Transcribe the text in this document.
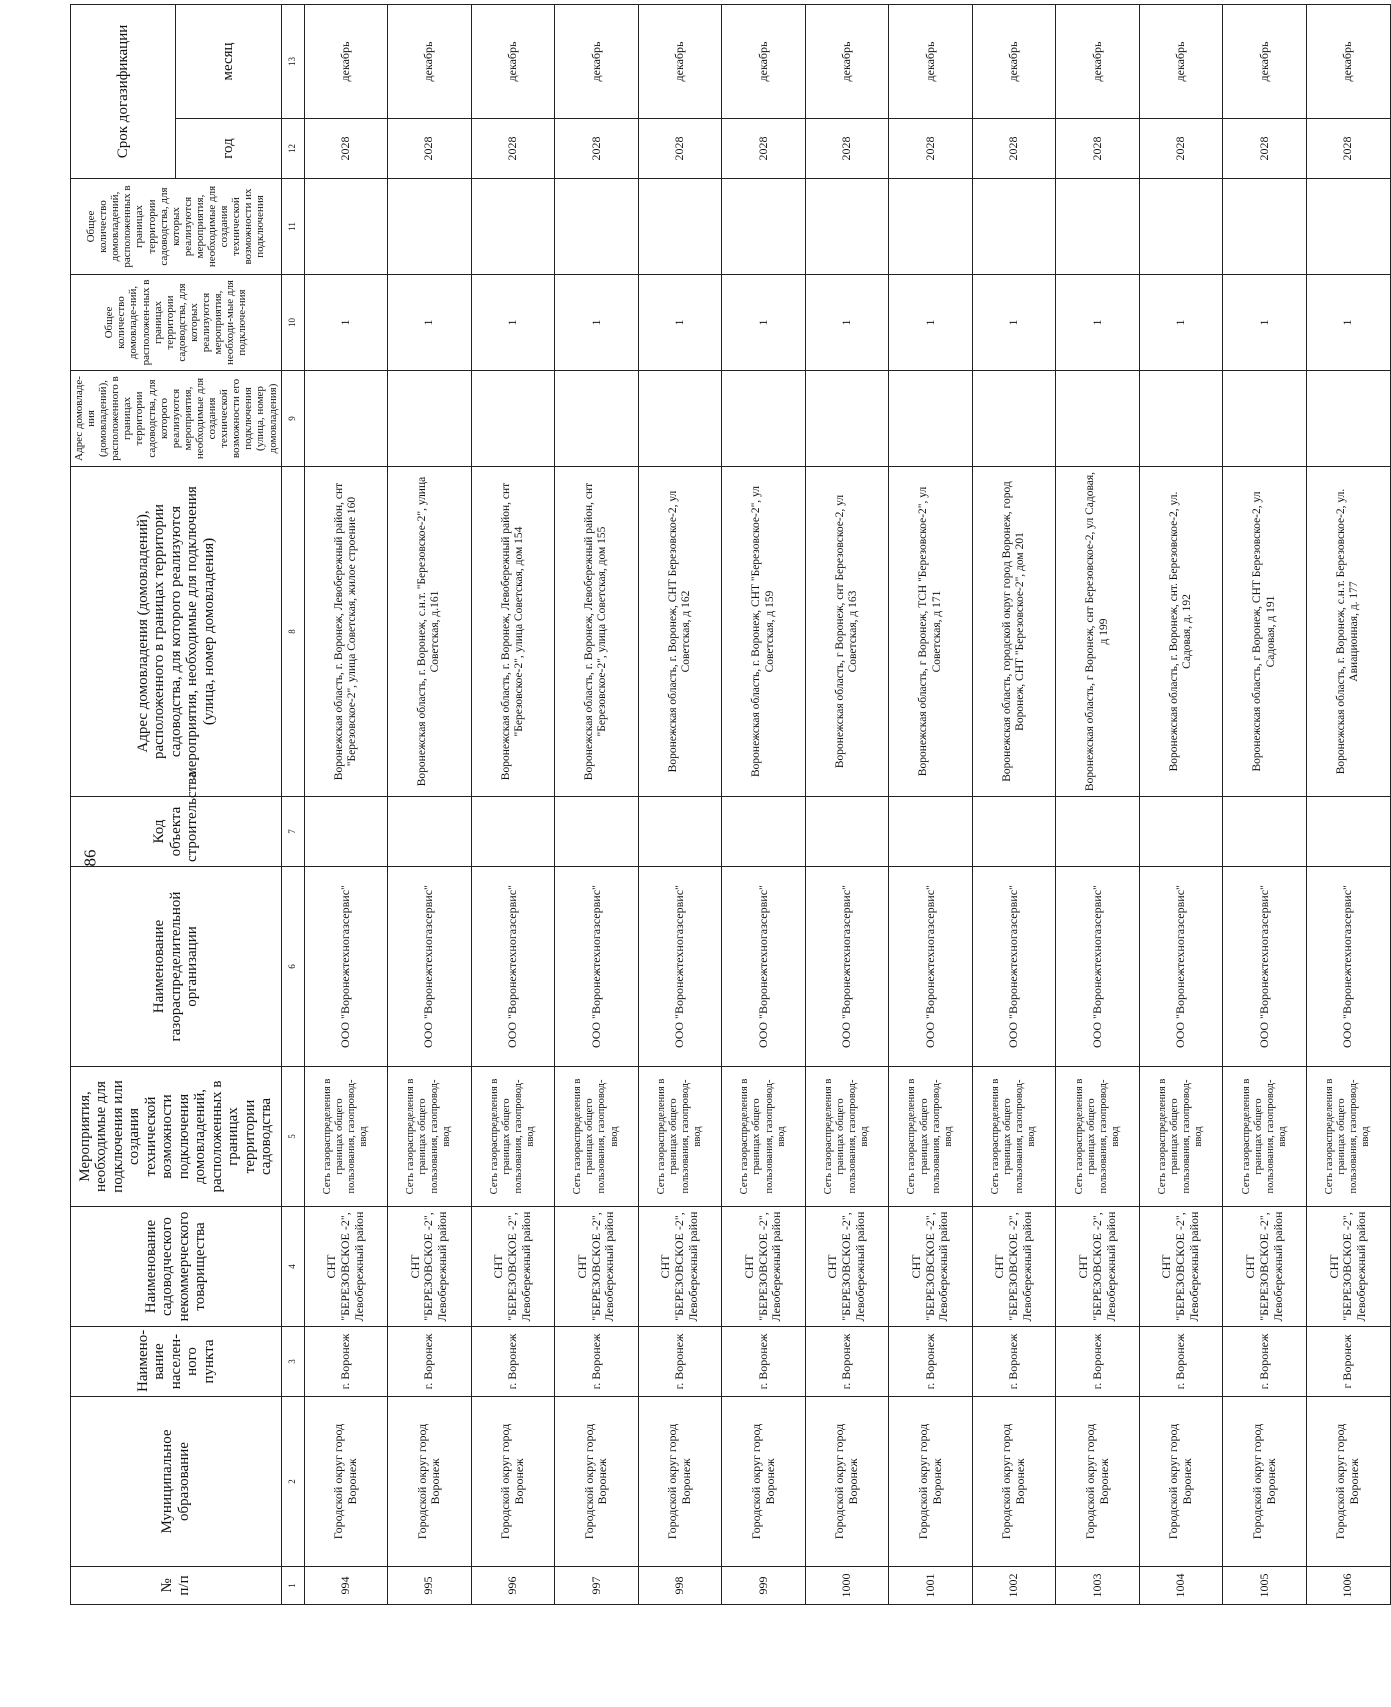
86
№ п/п	Муниципальное образование	Наимено-вание населен-ного пункта	Наименование садоводческого некоммерческого товарищества	Мероприятия, необходимые для подключения или создания технической возможности подключения домовладений, расположенных в границах территории садоводства	Наименование газораспределительной организации	Код объекта строительства	Адрес домовладения (домовладений), расположенного в границах территории садоводства, для которого реализуются мероприятия, необходимые для подключения (улица, номер домовладения)	Адрес домовладе-ния (домовладений), расположенного в границах территории садоводства, для которого реализуются мероприятия, необходимые для создания технической возможности его подключения (улица, номер домовладения)	Общее количество домовладе-ний, расположен-ных в границах территории садоводства, для которых реализуются мероприятия, необходи-мые для подключе-ния	Общее количество домовладений, расположенных в границах территории садоводства, для которых реализуются мероприятия, необходимые для создания технической возможности их подключения	Срок догазификации	
											год	месяц
1	2	3	4	5	6	7	8	9	10	11	12	13
994	Городской округ город Воронеж	г. Воронеж	СНТ "БЕРЕЗОВСКОЕ -2", Левобережный район	Сеть газораспределения в границах общего пользования, газопровод-ввод	ООО "Воронежтехногазсервис"		Воронежская область, г. Воронеж, Левобережный район, снт "Березовское-2", улица Советская, жилое строение 160		1		2028	декабрь
995	Городской округ город Воронеж	г. Воронеж	СНТ "БЕРЕЗОВСКОЕ -2", Левобережный район	Сеть газораспределения в границах общего пользования, газопровод-ввод	ООО "Воронежтехногазсервис"		Воронежская область, г. Воронеж, с.н.т. "Березовское-2", улица Советская, д.161		1		2028	декабрь
996	Городской округ город Воронеж	г. Воронеж	СНТ "БЕРЕЗОВСКОЕ -2", Левобережный район	Сеть газораспределения в границах общего пользования, газопровод-ввод	ООО "Воронежтехногазсервис"		Воронежская область, г. Воронеж, Левобережный район, снт "Березовское-2", улица Советская, дом 154		1		2028	декабрь
997	Городской округ город Воронеж	г. Воронеж	СНТ "БЕРЕЗОВСКОЕ -2", Левобережный район	Сеть газораспределения в границах общего пользования, газопровод-ввод	ООО "Воронежтехногазсервис"		Воронежская область, г. Воронеж, Левобережный район, снт "Березовское-2", улица Советская, дом 155		1		2028	декабрь
998	Городской округ город Воронеж	г. Воронеж	СНТ "БЕРЕЗОВСКОЕ -2", Левобережный район	Сеть газораспределения в границах общего пользования, газопровод-ввод	ООО "Воронежтехногазсервис"		Воронежская область, г. Воронеж, СНТ Березовское-2, ул Советская, д 162		1		2028	декабрь
999	Городской округ город Воронеж	г. Воронеж	СНТ "БЕРЕЗОВСКОЕ -2", Левобережный район	Сеть газораспределения в границах общего пользования, газопровод-ввод	ООО "Воронежтехногазсервис"		Воронежская область, г. Воронеж, СНТ "Березовское-2", ул Советская, д 159		1		2028	декабрь
1000	Городской округ город Воронеж	г. Воронеж	СНТ "БЕРЕЗОВСКОЕ -2", Левобережный район	Сеть газораспределения в границах общего пользования, газопровод-ввод	ООО "Воронежтехногазсервис"		Воронежская область, г Воронеж, снт Березовское-2, ул Советская, д 163		1		2028	декабрь
1001	Городской округ город Воронеж	г. Воронеж	СНТ "БЕРЕЗОВСКОЕ -2", Левобережный район	Сеть газораспределения в границах общего пользования, газопровод-ввод	ООО "Воронежтехногазсервис"		Воронежская область, г Воронеж, ТСН "Березовское-2", ул Советская, д 171		1		2028	декабрь
1002	Городской округ город Воронеж	г. Воронеж	СНТ "БЕРЕЗОВСКОЕ -2", Левобережный район	Сеть газораспределения в границах общего пользования, газопровод-ввод	ООО "Воронежтехногазсервис"		Воронежская область, городской округ город Воронеж, город Воронеж, СНТ "Березовское-2", дом 201		1		2028	декабрь
1003	Городской округ город Воронеж	г. Воронеж	СНТ "БЕРЕЗОВСКОЕ -2", Левобережный район	Сеть газораспределения в границах общего пользования, газопровод-ввод	ООО "Воронежтехногазсервис"		Воронежская область, г Воронеж, снт Березовское-2, ул Садовая, д 199		1		2028	декабрь
1004	Городской округ город Воронеж	г. Воронеж	СНТ "БЕРЕЗОВСКОЕ -2", Левобережный район	Сеть газораспределения в границах общего пользования, газопровод-ввод	ООО "Воронежтехногазсервис"		Воронежская область, г. Воронеж, снт. Березовское-2, ул. Садовая, д. 192		1		2028	декабрь
1005	Городской округ город Воронеж	г. Воронеж	СНТ "БЕРЕЗОВСКОЕ -2", Левобережный район	Сеть газораспределения в границах общего пользования, газопровод-ввод	ООО "Воронежтехногазсервис"		Воронежская область, г Воронеж, СНТ Березовское-2, ул Садовая, д 191		1		2028	декабрь
1006	Городской округ город Воронеж	г Воронеж	СНТ "БЕРЕЗОВСКОЕ -2", Левобережный район	Сеть газораспределения в границах общего пользования, газопровод-ввод	ООО "Воронежтехногазсервис"		Воронежская область, г. Воронеж, с.н.т. Березовское-2, ул. Авиационная, д. 177		1		2028	декабрь
